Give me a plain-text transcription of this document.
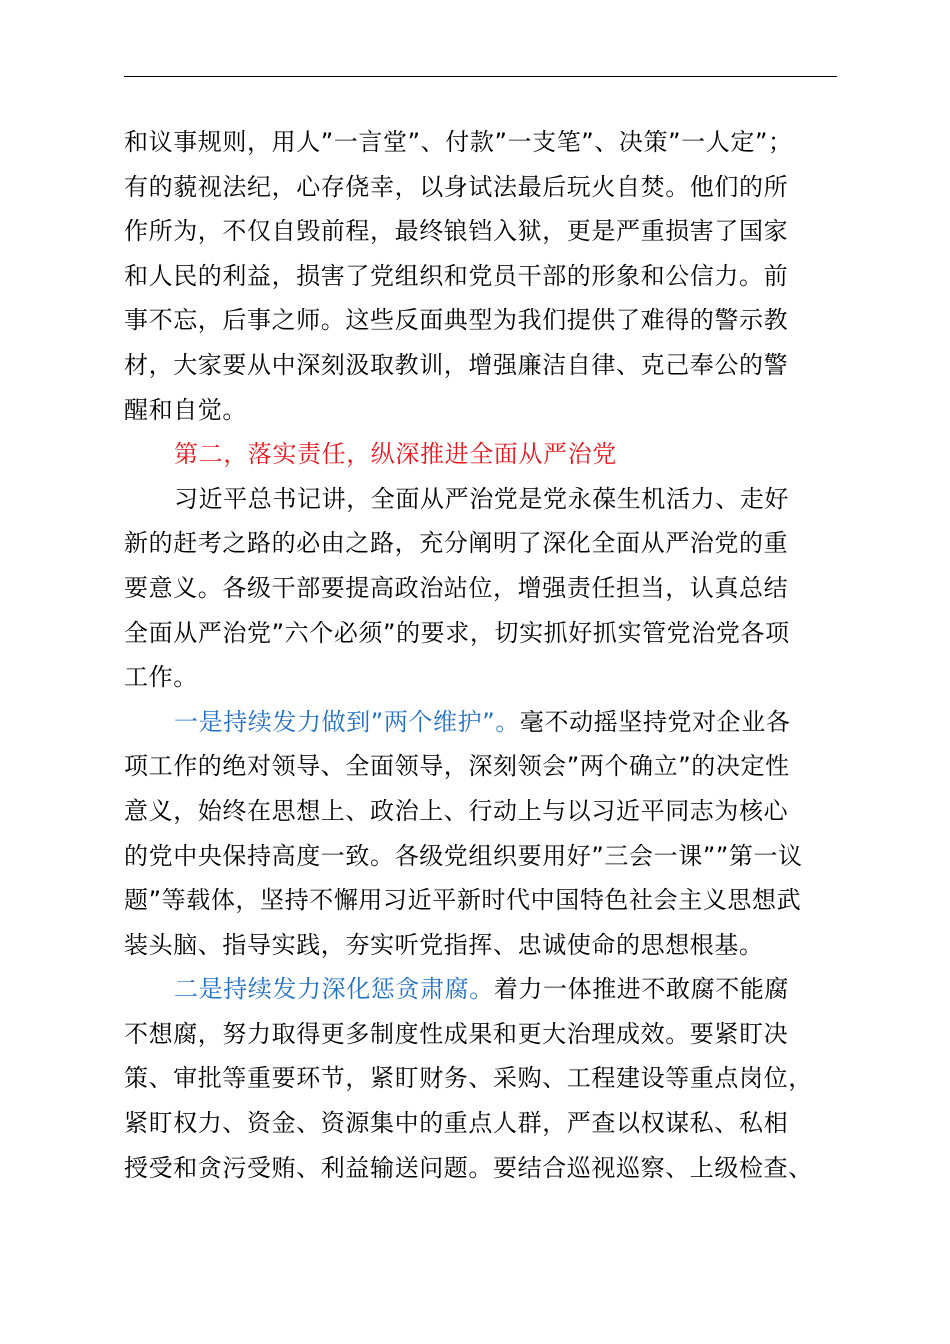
和议事规则，用人”一言堂”、付款”一支笔”、决策”一人定”；
有的藐视法纪，心存侥幸，以身试法最后玩火自焚。他们的所
作所为，不仅自毁前程，最终锒铛入狱，更是严重损害了国家
和人民的利益，损害了党组织和党员干部的形象和公信力。前
事不忘，后事之师。这些反面典型为我们提供了难得的警示教
材，大家要从中深刻汲取教训，增强廉洁自律、克己奉公的警
醒和自觉。
第二，落实责任，纵深推进全面从严治党
习近平总书记讲，全面从严治党是党永葆生机活力、走好
新的赶考之路的必由之路，充分阐明了深化全面从严治党的重
要意义。各级干部要提高政治站位，增强责任担当，认真总结
全面从严治党”六个必须”的要求，切实抓好抓实管党治党各项
工作。
一是持续发力做到”两个维护”。毫不动摇坚持党对企业各
项工作的绝对领导、全面领导，深刻领会”两个确立”的决定性
意义，始终在思想上、政治上、行动上与以习近平同志为核心
的党中央保持高度一致。各级党组织要用好”三会一课””第一议
题”等载体，坚持不懈用习近平新时代中国特色社会主义思想武
装头脑、指导实践，夯实听党指挥、忠诚使命的思想根基。
二是持续发力深化惩贪肃腐。着力一体推进不敢腐不能腐
不想腐，努力取得更多制度性成果和更大治理成效。要紧盯决
策、审批等重要环节，紧盯财务、采购、工程建设等重点岗位，
紧盯权力、资金、资源集中的重点人群，严查以权谋私、私相
授受和贪污受贿、利益输送问题。要结合巡视巡察、上级检查、
